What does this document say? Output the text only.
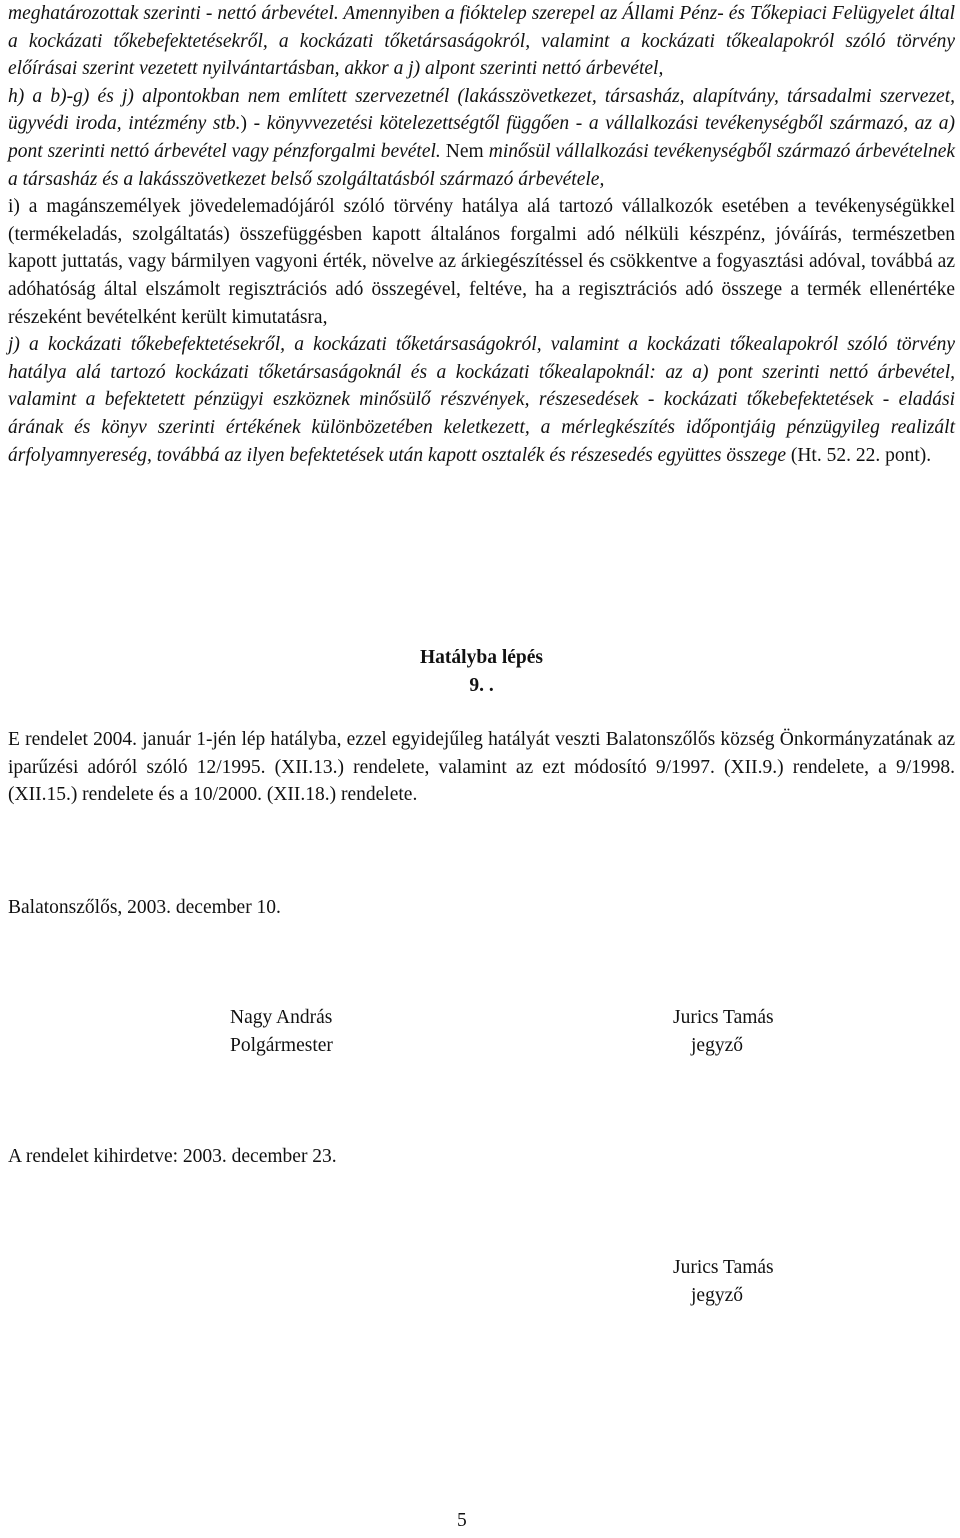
meghatározottak szerinti - nettó árbevétel. Amennyiben a fióktelep szerepel az Állami Pénz- és Tőkepiaci Felügyelet által a kockázati tőkebefektetésekről, a kockázati tőketársaságokról, valamint a kockázati tőkealapokról szóló törvény előírásai szerint vezetett nyilvántartásban, akkor a j) alpont szerinti nettó árbevétel,

h) a b)-g) és j) alpontokban nem említett szervezetnél (lakásszövetkezet, társasház, alapítvány, társadalmi szervezet, ügyvédi iroda, intézmény stb.) - könyvvezetési kötelezettségtől függően - a vállalkozási tevékenységből származó, az a) pont szerinti nettó árbevétel vagy pénzforgalmi bevétel. Nem minősül vállalkozási tevékenységből származó árbevételnek a társasház és a lakásszövetkezet belső szolgáltatásból származó árbevétele,

i) a magánszemélyek jövedelemadójáról szóló törvény hatálya alá tartozó vállalkozók esetében a tevékenységükkel (termékeladás, szolgáltatás) összefüggésben kapott általános forgalmi adó nélküli készpénz, jóváírás, természetben kapott juttatás, vagy bármilyen vagyoni érték, növelve az árkiegészítéssel és csökkentve a fogyasztási adóval, továbbá az adóhatóság által elszámolt regisztrációs adó összegével, feltéve, ha a regisztrációs adó összege a termék ellenértéke részeként bevételként került kimutatásra,

j) a kockázati tőkebefektetésekről, a kockázati tőketársaságokról, valamint a kockázati tőkealapokról szóló törvény hatálya alá tartozó kockázati tőketársaságoknál és a kockázati tőkealapoknál: az a) pont szerinti nettó árbevétel, valamint a befektetett pénzügyi eszköznek minősülő részvények, részesedések - kockázati tőkebefektetések - eladási árának és könyv szerinti értékének különbözetében keletkezett, a mérlegkészítés időpontjáig pénzügyileg realizált árfolyamnyereség, továbbá az ilyen befektetések után kapott osztalék és részesedés együttes összege (Ht. 52. 22. pont).

Hatályba lépés
9. .

E rendelet 2004. január 1-jén lép hatályba, ezzel egyidejűleg hatályát veszti Balatonszőlős község Önkormányzatának az iparűzési adóról szóló 12/1995. (XII.13.) rendelete, valamint az ezt módosító 9/1997. (XII.9.) rendelete, a 9/1998. (XII.15.) rendelete és a 10/2000. (XII.18.) rendelete.

Balatonszőlős, 2003. december 10.
Nagy András
Polgármester
Jurics Tamás
jegyző
A rendelet kihirdetve: 2003. december 23.
Jurics Tamás
jegyző
5
